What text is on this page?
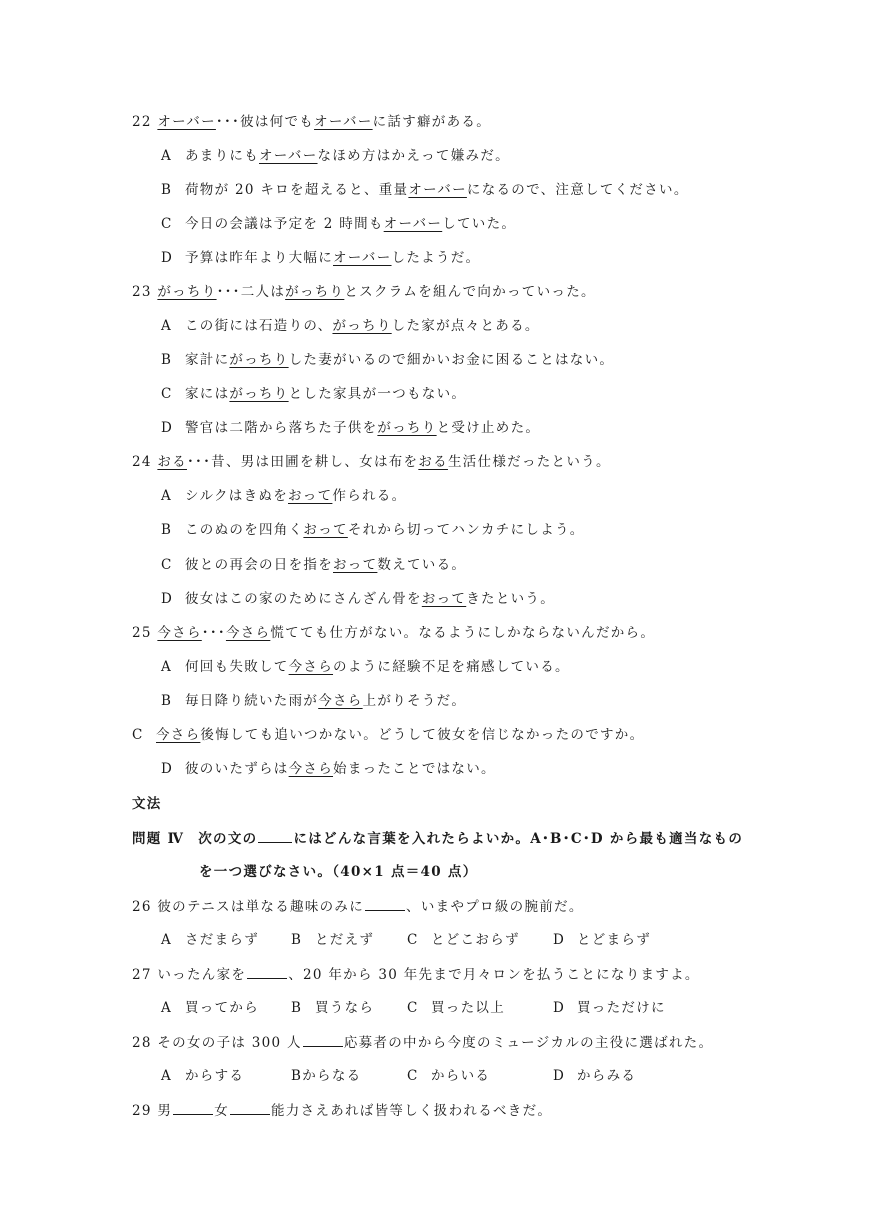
22 オーバー･･･彼は何でもオーバーに話す癖がある。
A あまりにもオーバーなほめ方はかえって嫌みだ。
B 荷物が 20 キロを超えると、重量オーバーになるので、注意してください。
C 今日の会議は予定を 2 時間もオーバーしていた。
D 予算は昨年より大幅にオーバーしたようだ。
23 がっちり･･･二人はがっちりとスクラムを組んで向かっていった。
A この街には石造りの、がっちりした家が点々とある。
B 家計にがっちりした妻がいるので細かいお金に困ることはない。
C 家にはがっちりとした家具が一つもない。
D 警官は二階から落ちた子供をがっちりと受け止めた。
24 おる･･･昔、男は田圃を耕し、女は布をおる生活仕様だったという。
A シルクはきぬをおって作られる。
B このぬのを四角くおってそれから切ってハンカチにしよう。
C 彼との再会の日を指をおって数えている。
D 彼女はこの家のためにさんざん骨をおってきたという。
25 今さら･･･今さら慌てても仕方がない。なるようにしかならないんだから。
A 何回も失敗して今さらのように経験不足を痛感している。
B 毎日降り続いた雨が今さら上がりそうだ。
C 今さら後悔しても追いつかない。どうして彼女を信じなかったのですか。
D 彼のいたずらは今さら始まったことではない。
文法
問題 Ⅳ 次の文の	にはどんな言葉を入れたらよいか。A･B･C･D から最も適当なもの
を一つ選びなさい。（40×1 点＝40 点）
26 彼のテニスは単なる趣味のみに	、いまやプロ級の腕前だ。
A さだまらず B とだえず C とどこおらず D とどまらず
27 いったん家を	、20 年から 30 年先まで月々ロンを払うことになりますよ。
A 買ってから B 買うなら C 買った以上	D 買っただけに
28 その女の子は 300 人	応募者の中から今度のミュージカルの主役に選ばれた。
A からする	Bからなる	C からいる	D からみる
29 男	女	能力さえあれば皆等しく扱われるべきだ。
